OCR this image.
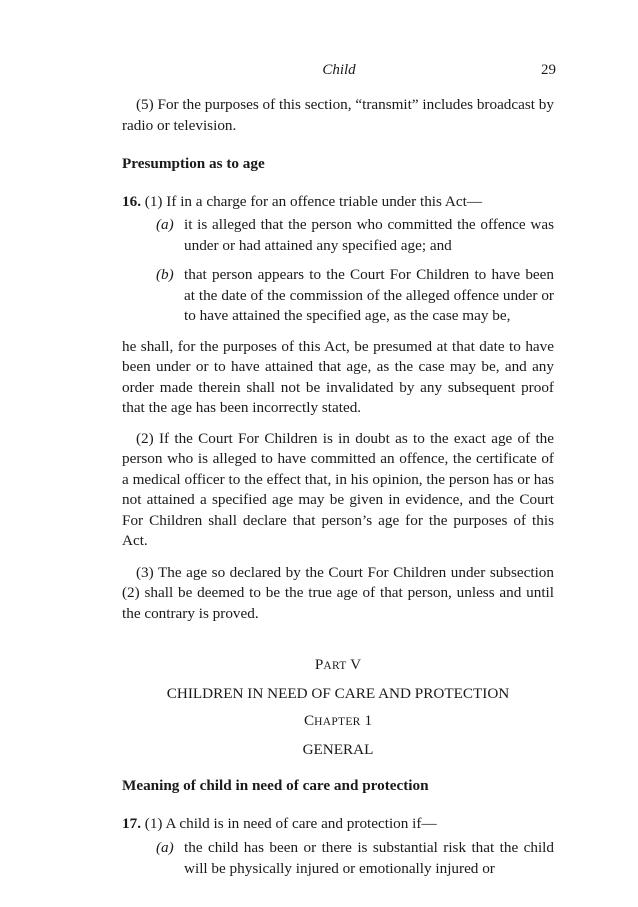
Child	29

(5) For the purposes of this section, “transmit” includes broadcast by radio or television.

Presumption as to age

16. (1) If in a charge for an offence triable under this Act—

(a) it is alleged that the person who committed the offence was under or had attained any specified age; and
(b) that person appears to the Court For Children to have been at the date of the commission of the alleged offence under or to have attained the specified age, as the case may be,

he shall, for the purposes of this Act, be presumed at that date to have been under or to have attained that age, as the case may be, and any order made therein shall not be invalidated by any subsequent proof that the age has been incorrectly stated.

(2) If the Court For Children is in doubt as to the exact age of the person who is alleged to have committed an offence, the certificate of a medical officer to the effect that, in his opinion, the person has or has not attained a specified age may be given in evidence, and the Court For Children shall declare that person’s age for the purposes of this Act.

(3) The age so declared by the Court For Children under subsection (2) shall be deemed to be the true age of that person, unless and until the contrary is proved.

PART V

CHILDREN IN NEED OF CARE AND PROTECTION

CHAPTER 1

GENERAL

Meaning of child in need of care and protection

17. (1) A child is in need of care and protection if—

(a) the child has been or there is substantial risk that the child will be physically injured or emotionally injured or
